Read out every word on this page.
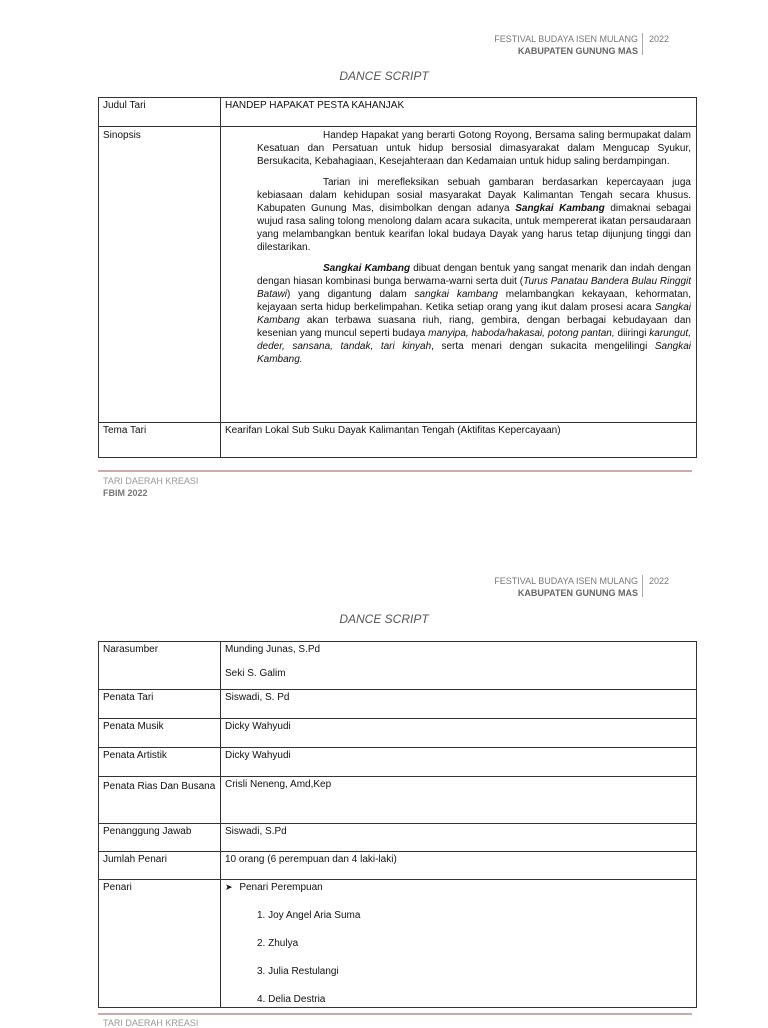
FESTIVAL BUDAYA ISEN MULANG
KABUPATEN GUNUNG MAS
2022
DANCE SCRIPT
Judul Tari	HANDEP HAPAKAT PESTA KAHANJAK
Sinopsis	Handep Hapakat yang berarti Gotong Royong, Bersama saling bermupakat dalam Kesatuan dan Persatuan untuk hidup bersosial dimasyarakat dalam Mengucap Syukur, Bersukacita, Kebahagiaan, Kesejahteraan dan Kedamaian untuk hidup saling berdampingan.

Tarian ini merefleksikan sebuah gambaran berdasarkan kepercayaan juga kebiasaan dalam kehidupan sosial masyarakat Dayak Kalimantan Tengah secara khusus. Kabupaten Gunung Mas, disimbolkan dengan adanya Sangkai Kambang dimaknai sebagai wujud rasa saling tolong menolong dalam acara sukacita, untuk mempererat ikatan persaudaraan yang melambangkan bentuk kearifan lokal budaya Dayak yang harus tetap dijunjung tinggi dan dilestarikan.

Sangkai Kambang dibuat dengan bentuk yang sangat menarik dan indah dengan dengan hiasan kombinasi bunga berwarna-warni serta duit (Turus Panatau Bandera Bulau Ringgit Batawi) yang digantung dalam sangkai kambang melambangkan kekayaan, kehormatan, kejayaan serta hidup berkelimpahan. Ketika setiap orang yang ikut dalam prosesi acara Sangkai Kambang akan terbawa suasana riuh, riang, gembira, dengan berbagai kebudayaan dan kesenian yang muncul seperti budaya manyipa, haboda/hakasai, potong pantan, diiringi karungut, deder, sansana, tandak, tari kinyah, serta menari dengan sukacita mengelilingi Sangkai Kambang.

Tema Tari	Kearifan Lokal Sub Suku Dayak Kalimantan Tengah (Aktifitas Kepercayaan)
TARI DAERAH KREASI
FBIM 2022
FESTIVAL BUDAYA ISEN MULANG
KABUPATEN GUNUNG MAS
2022
DANCE SCRIPT
Narasumber	Munding Junas, S.Pd
Seki S. Galim

Penata Tari	Siswadi, S. Pd
Penata Musik	Dicky Wahyudi
Penata Artistik	Dicky Wahyudi
Penata Rias Dan Busana	Crisli Neneng, Amd,Kep
Penanggung Jawab	Siswadi, S.Pd
Jumlah Penari	10 orang (6 perempuan dan 4 laki-laki)
Penari	➤ Penari Perempuan
1. Joy Angel Aria Suma
2. Zhulya
3. Julia Restulangi
4. Delia Destria
TARI DAERAH KREASI
